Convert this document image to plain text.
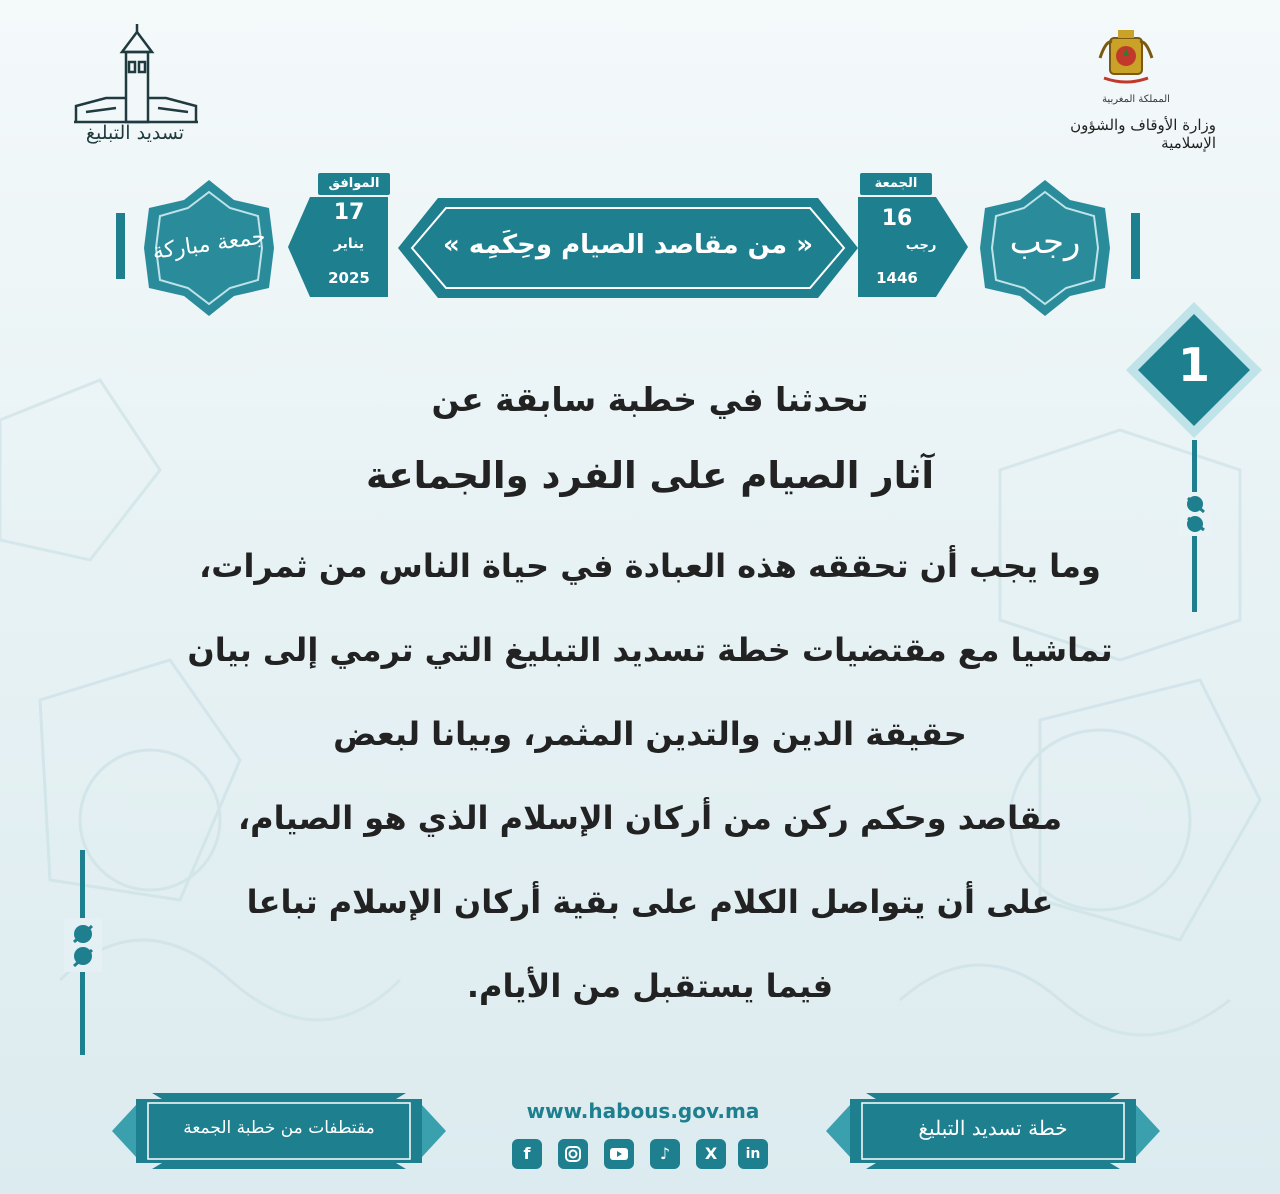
تسديد التبليغ
المملكة المغربية
وزارة الأوقاف والشؤون الإسلامية
جمعة مباركة
الموافق
17
يناير
2025
« من مقاصد الصيام وحِكَمِه »
الجمعة
16
رجب
1446
رجب
1
تحدثنا في خطبة سابقة عن
آثار الصيام على الفرد والجماعة
وما يجب أن تحققه هذه العبادة في حياة الناس من ثمرات،
تماشيا مع مقتضيات خطة تسديد التبليغ التي ترمي إلى بيان
حقيقة الدين والتدين المثمر، وبيانا لبعض
مقاصد وحكم ركن من أركان الإسلام الذي هو الصيام،
على أن يتواصل الكلام على بقية أركان الإسلام تباعا
فيما يستقبل من الأيام.
مقتطفات من خطبة الجمعة
www.habous.gov.ma
f	♪	X	in
خطة تسديد التبليغ
